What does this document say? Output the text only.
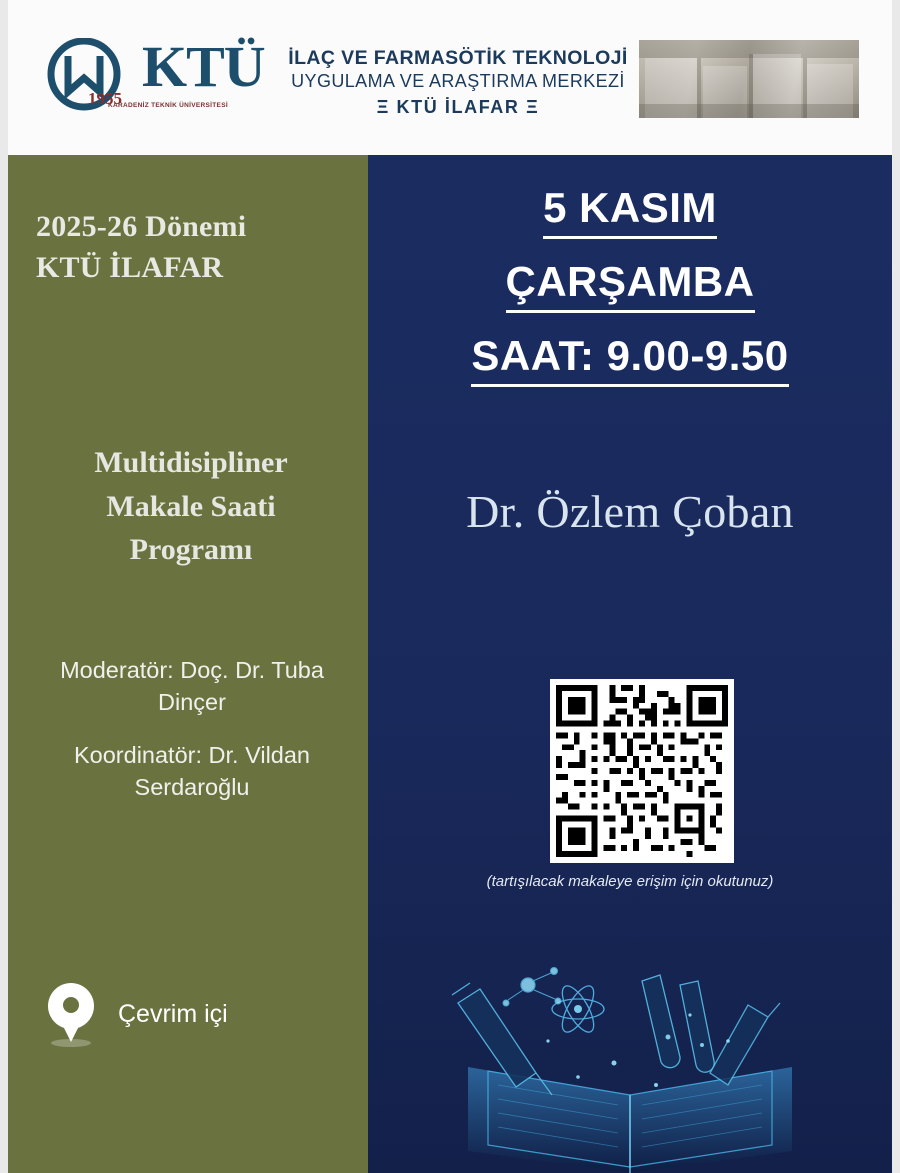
KTÜ
1955
KARADENİZ TEKNİK ÜNİVERSİTESİ
İLAÇ VE FARMASÖTİK TEKNOLOJİ
UYGULAMA VE ARAŞTIRMA MERKEZİ
Ξ KTÜ İLAFAR Ξ
2025-26 Dönemi
KTÜ İLAFAR
Multidisipliner
Makale Saati
Programı
Moderatör: Doç. Dr. Tuba
Dinçer
Koordinatör: Dr. Vildan
Serdaroğlu
Çevrim içi
5 KASIM
ÇARŞAMBA
SAAT: 9.00-9.50
Dr. Özlem Çoban
(tartışılacak makaleye erişim için okutunuz)
